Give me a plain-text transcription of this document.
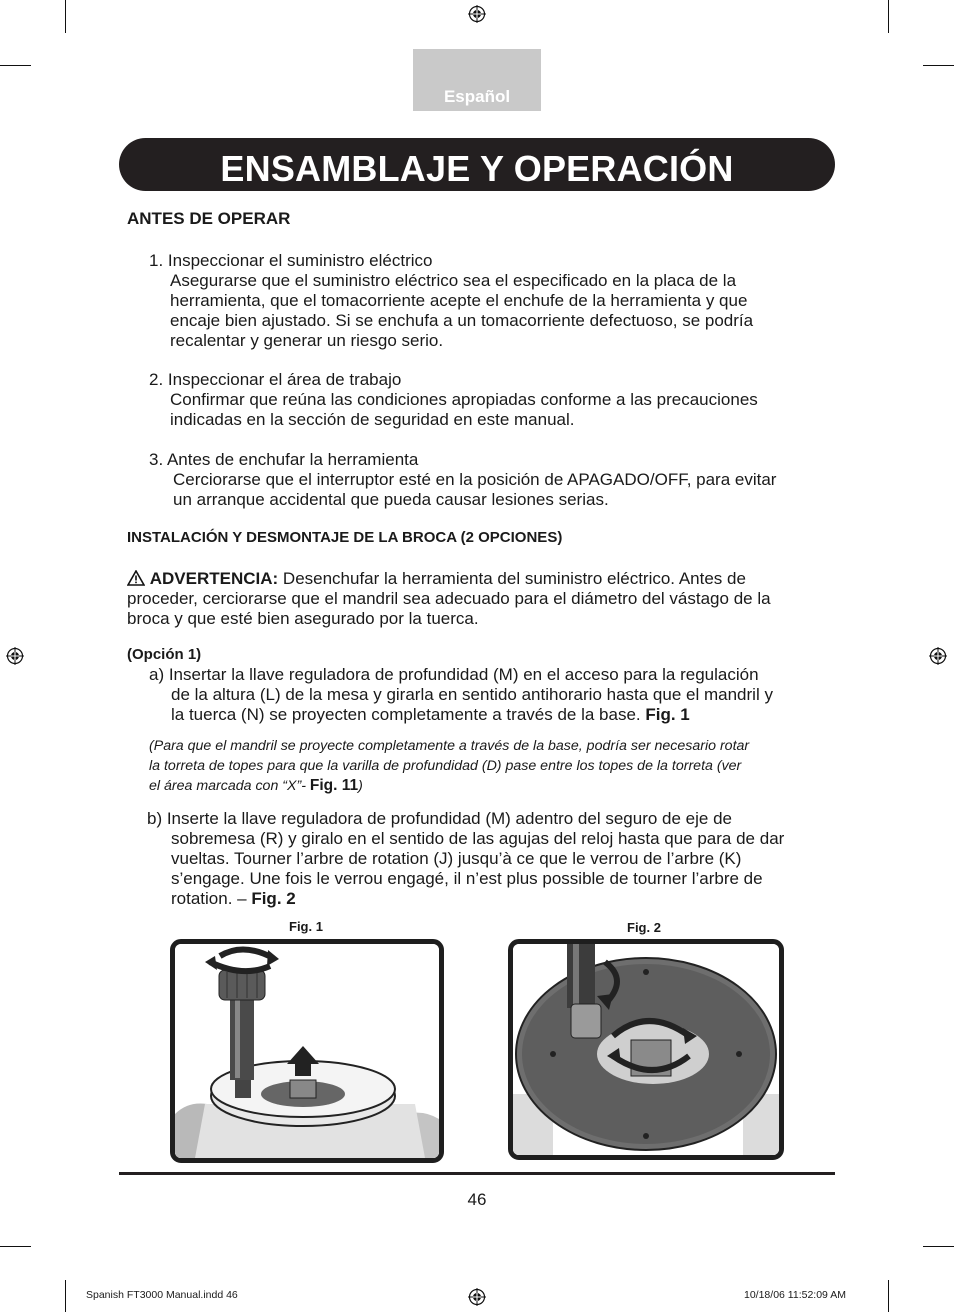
Español
ENSAMBLAJE Y OPERACIÓN
ANTES DE OPERAR
1. Inspeccionar el suministro eléctrico
Asegurarse que el suministro eléctrico sea el especificado en la placa de la
herramienta, que el tomacorriente acepte el enchufe de la herramienta y que
encaje bien ajustado. Si se enchufa a un tomacorriente defectuoso, se podría
recalentar y generar un riesgo serio.
2. Inspeccionar el área de trabajo
Confirmar que reúna las condiciones apropiadas conforme a las precauciones
indicadas en la sección de seguridad en este manual.
3. Antes de enchufar la herramienta
Cerciorarse que el interruptor esté en la posición de APAGADO/OFF, para evitar
un arranque accidental que pueda causar lesiones serias.
INSTALACIÓN Y DESMONTAJE DE LA BROCA (2 OPCIONES)
ADVERTENCIA: Desenchufar la herramienta del suministro eléctrico. Antes de
proceder, cerciorarse que el mandril sea adecuado para el diámetro del vástago de la
broca y que esté bien asegurado por la tuerca.
(Opción 1)
a) Insertar la llave reguladora de profundidad (M) en el acceso para la regulación
de la altura (L) de la mesa y girarla en sentido antihorario hasta que el mandril y
la tuerca (N) se proyecten completamente a través de la base. Fig. 1
(Para que el mandril se proyecte completamente a través de la base, podría ser necesario rotar
la torreta de topes para que la varilla de profundidad (D) pase entre los topes de la torreta (ver
el área marcada con “X”- Fig. 11)
b) Inserte la llave reguladora de profundidad (M) adentro del seguro de eje de
sobremesa (R) y giralo en el sentido de las agujas del reloj hasta que para de dar
vueltas. Tourner l’arbre de rotation (J) jusqu’à ce que le verrou de l’arbre (K)
s’engage. Une fois le verrou engagé, il n’est plus possible de tourner l’arbre de
rotation. – Fig. 2
Fig. 1	Fig. 2
46
Spanish FT3000 Manual.indd 46	10/18/06 11:52:09 AM
